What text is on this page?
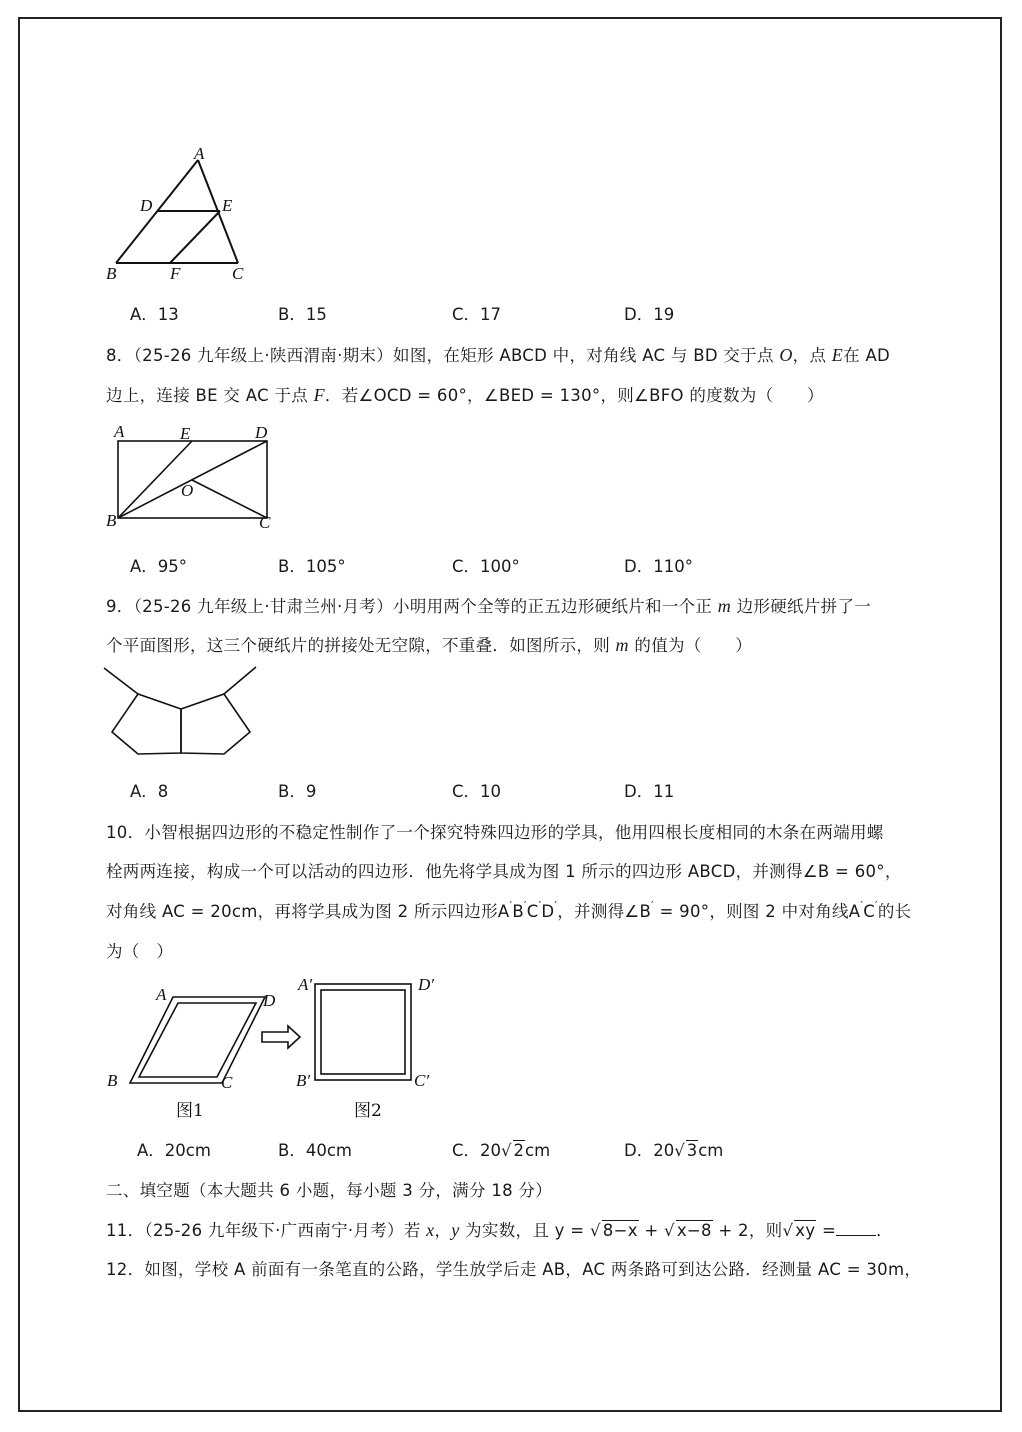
A
D	E
B	F	C
A．13	B．15	C．17	D．19
8．（25-26 九年级上·陕西渭南·期末）如图，在矩形 ABCD 中，对角线 AC 与 BD 交于点 O，点 E在 AD
边上，连接 BE 交 AC 于点 F．若∠OCD = 60°，∠BED = 130°，则∠BFO 的度数为（　　）
A	E	D
O
B	C
A．95°	B．105°	C．100°	D．110°
9．（25-26 九年级上·甘肃兰州·月考）小明用两个全等的正五边形硬纸片和一个正 m 边形硬纸片拼了一
个平面图形，这三个硬纸片的拼接处无空隙，不重叠．如图所示，则 m 的值为（　　）
A．8	B．9	C．10	D．11
10．小智根据四边形的不稳定性制作了一个探究特殊四边形的学具，他用四根长度相同的木条在两端用螺
栓两两连接，构成一个可以活动的四边形．他先将学具成为图 1 所示的四边形 ABCD，并测得∠B = 60°，
对角线 AC = 20cm，再将学具成为图 2 所示四边形A′B′C′D′，并测得∠B′ = 90°，则图 2 中对角线A′C′的长
为（　）
A	D
B	C
A′	D′
B′	C′
图1	图2
A．20cm	B．40cm	C．20√ 2cm	D．20√ 3cm
二、填空题（本大题共 6 小题，每小题 3 分，满分 18 分）
11．（25-26 九年级下·广西南宁·月考）若 x，y 为实数，且 y = √ 8−x + √ x−8 + 2，则√ xy = ．
12．如图，学校 A 前面有一条笔直的公路，学生放学后走 AB，AC 两条路可到达公路．经测量 AC = 30m，
